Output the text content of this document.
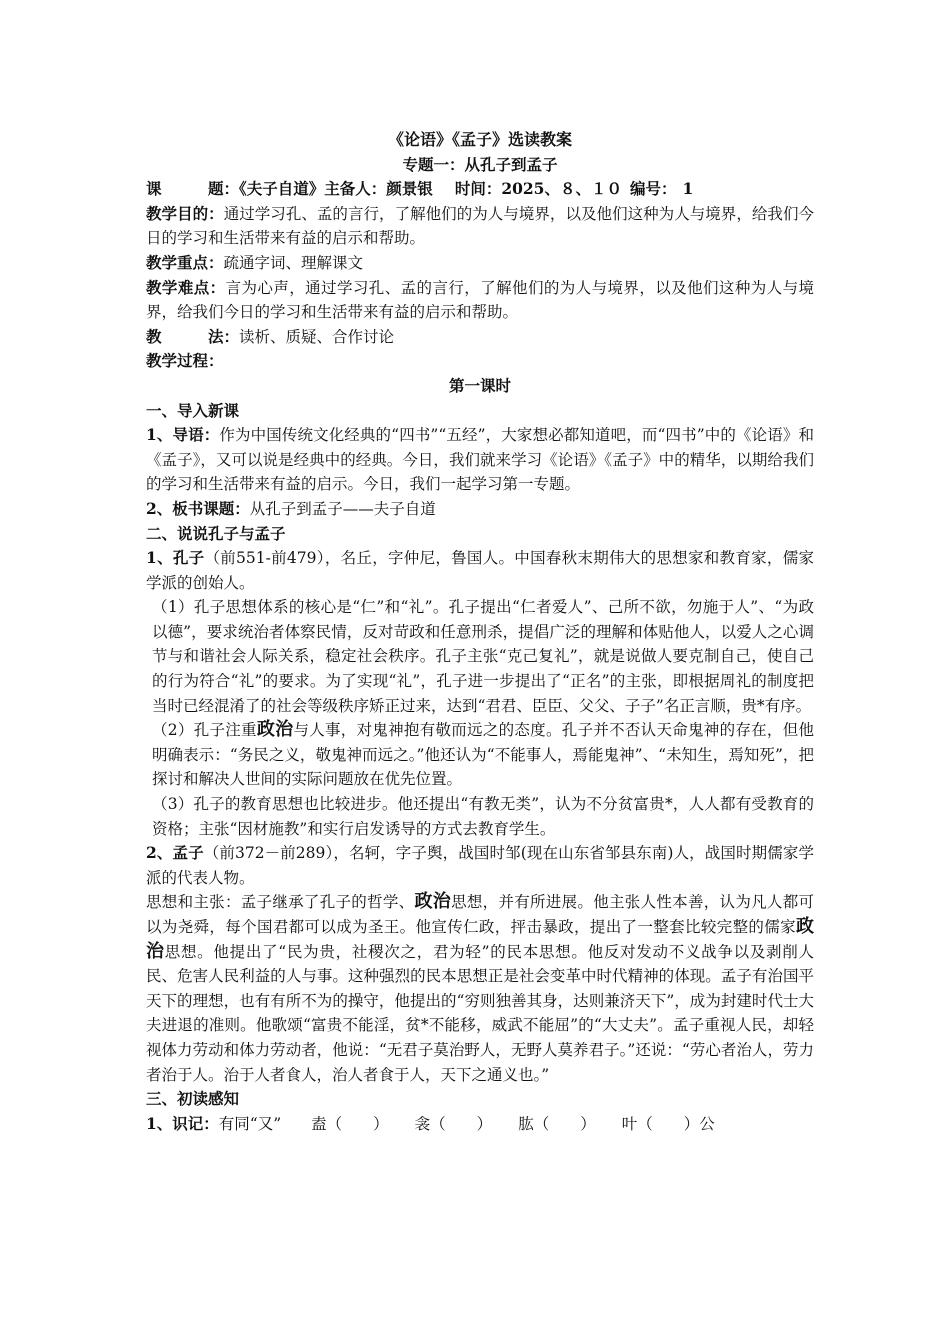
《论语》《孟子》选读教案
专题一：从孔子到孟子
课　　　题：《夫子自道》主备人：颜景银 时间：2025、８、１０ 编号： 1
教学目的：通过学习孔、孟的言行，了解他们的为人与境界，以及他们这种为人与境界，给我们今日的学习和生活带来有益的启示和帮助。
教学重点：疏通字词、理解课文
教学难点：言为心声，通过学习孔、孟的言行，了解他们的为人与境界，以及他们这种为人与境界，给我们今日的学习和生活带来有益的启示和帮助。
教　　　法：读析、质疑、合作讨论
教学过程：
第一课时
一、导入新课
1、导语：作为中国传统文化经典的“四书”“五经”，大家想必都知道吧，而“四书”中的《论语》和《孟子》，又可以说是经典中的经典。今日，我们就来学习《论语》《孟子》中的精华，以期给我们的学习和生活带来有益的启示。今日，我们一起学习第一专题。
2、板书课题：从孔子到孟子——夫子自道
二、说说孔子与孟子
1、孔子（前551-前479），名丘，字仲尼，鲁国人。中国春秋末期伟大的思想家和教育家，儒家学派的创始人。
（1）孔子思想体系的核心是“仁”和“礼”。孔子提出“仁者爱人”、己所不欲，勿施于人”、“为政以德”，要求统治者体察民情，反对苛政和任意刑杀，提倡广泛的理解和体贴他人，以爱人之心调节与和谐社会人际关系，稳定社会秩序。孔子主张“克己复礼”，就是说做人要克制自己，使自己的行为符合“礼”的要求。为了实现“礼”，孔子进一步提出了“正名”的主张，即根据周礼的制度把当时已经混淆了的社会等级秩序矫正过来，达到“君君、臣臣、父父、子子”名正言顺，贵*有序。
（2）孔子注重政治与人事，对鬼神抱有敬而远之的态度。孔子并不否认天命鬼神的存在，但他明确表示：“务民之义，敬鬼神而远之。”他还认为“不能事人，焉能鬼神”、“未知生，焉知死”，把探讨和解决人世间的实际问题放在优先位置。
（3）孔子的教育思想也比较进步。他还提出“有教无类”，认为不分贫富贵*，人人都有受教育的资格；主张“因材施教”和实行启发诱导的方式去教育学生。
2、孟子（前372－前289），名轲，字子舆，战国时邹(现在山东省邹县东南)人，战国时期儒家学派的代表人物。
思想和主张：孟子继承了孔子的哲学、政治思想，并有所进展。他主张人性本善，认为凡人都可以为尧舜，每个国君都可以成为圣王。他宣传仁政，抨击暴政，提出了一整套比较完整的儒家政治思想。他提出了“民为贵，社稷次之，君为轻”的民本思想。他反对发动不义战争以及剥削人民、危害人民利益的人与事。这种强烈的民本思想正是社会变革中时代精神的体现。孟子有治国平天下的理想，也有有所不为的操守，他提出的“穷则独善其身，达则兼济天下”，成为封建时代士大夫进退的准则。他歌颂“富贵不能淫，贫*不能移，威武不能屈”的“大丈夫”。孟子重视人民，却轻视体力劳动和体力劳动者，他说：“无君子莫治野人，无野人莫养君子。”还说：“劳心者治人，劳力者治于人。治于人者食人，治人者食于人，天下之通义也。”
三、初读感知
1、识记：有同“又” 盍（　　） 衾（　　） 肱（　　） 叶（　　）公
